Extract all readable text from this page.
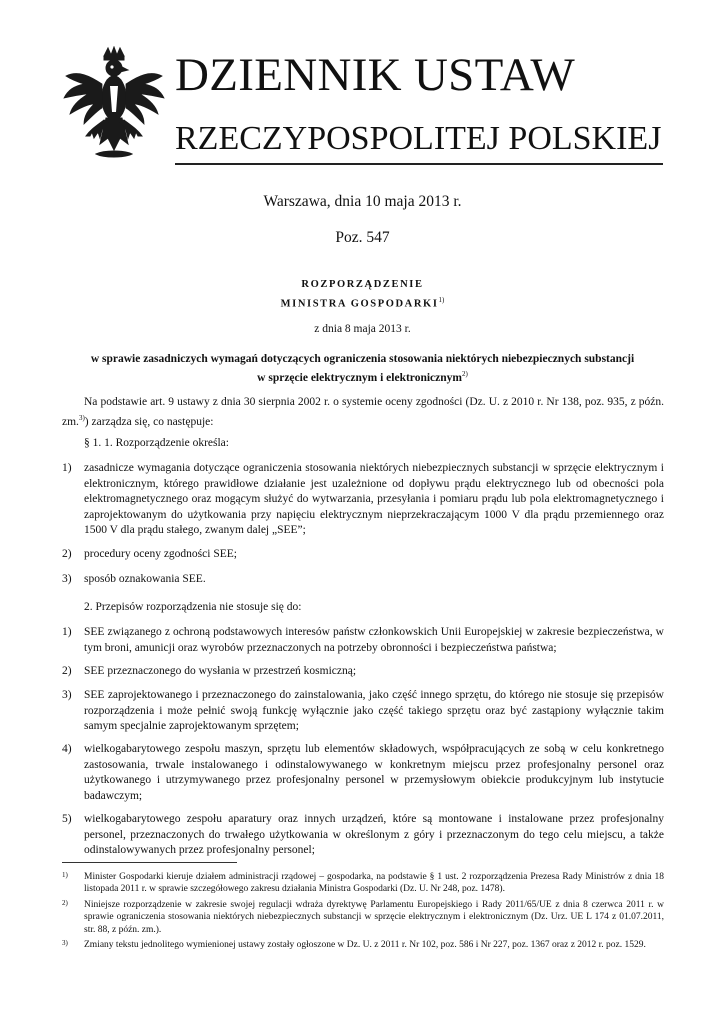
DZIENNIK USTAW
RZECZYPOSPOLITEJ POLSKIEJ
Warszawa, dnia 10 maja 2013 r.
Poz. 547
ROZPORZĄDZENIE
MINISTRA GOSPODARKI$^{1)}$
z dnia 8 maja 2013 r.
w sprawie zasadniczych wymagań dotyczących ograniczenia stosowania niektórych niebezpiecznych substancji
w sprzęcie elektrycznym i elektronicznym$^{2)}$
Na podstawie art. 9 ustawy z dnia 30 sierpnia 2002 r. o systemie oceny zgodności (Dz. U. z 2010 r. Nr 138, poz. 935, z późn. zm.$^{3)}$) zarządza się, co następuje:
§ 1. 1. Rozporządzenie określa:
1)	zasadnicze wymagania dotyczące ograniczenia stosowania niektórych niebezpiecznych substancji w sprzęcie elektrycznym i elektronicznym, którego prawidłowe działanie jest uzależnione od dopływu prądu elektrycznego lub od obecności pola elektromagnetycznego oraz mogącym służyć do wytwarzania, przesyłania i pomiaru prądu lub pola elektromagnetycznego i zaprojektowanym do użytkowania przy napięciu elektrycznym nieprzekraczającym 1000 V dla prądu przemiennego oraz 1500 V dla prądu stałego, zwanym dalej „SEE”;
2)	procedury oceny zgodności SEE;
3)	sposób oznakowania SEE.
2. Przepisów rozporządzenia nie stosuje się do:
1)	SEE związanego z ochroną podstawowych interesów państw członkowskich Unii Europejskiej w zakresie bezpieczeństwa, w tym broni, amunicji oraz wyrobów przeznaczonych na potrzeby obronności i bezpieczeństwa państwa;
2)	SEE przeznaczonego do wysłania w przestrzeń kosmiczną;
3)	SEE zaprojektowanego i przeznaczonego do zainstalowania, jako część innego sprzętu, do którego nie stosuje się przepisów rozporządzenia i może pełnić swoją funkcję wyłącznie jako część takiego sprzętu oraz być zastąpiony wyłącznie takim samym specjalnie zaprojektowanym sprzętem;
4)	wielkogabarytowego zespołu maszyn, sprzętu lub elementów składowych, współpracujących ze sobą w celu konkretnego zastosowania, trwale instalowanego i odinstalowywanego w konkretnym miejscu przez profesjonalny personel oraz użytkowanego i utrzymywanego przez profesjonalny personel w przemysłowym obiekcie produkcyjnym lub instytucie badawczym;
5)	wielkogabarytowego zespołu aparatury oraz innych urządzeń, które są montowane i instalowane przez profesjonalny personel, przeznaczonych do trwałego użytkowania w określonym z góry i przeznaczonym do tego celu miejscu, a także odinstalowywanych przez profesjonalny personel;
1) Minister Gospodarki kieruje działem administracji rządowej – gospodarka, na podstawie § 1 ust. 2 rozporządzenia Prezesa Rady Ministrów z dnia 18 listopada 2011 r. w sprawie szczegółowego zakresu działania Ministra Gospodarki (Dz. U. Nr 248, poz. 1478).
2) Niniejsze rozporządzenie w zakresie swojej regulacji wdraża dyrektywę Parlamentu Europejskiego i Rady 2011/65/UE z dnia 8 czerwca 2011 r. w sprawie ograniczenia stosowania niektórych niebezpiecznych substancji w sprzęcie elektrycznym i elektronicznym (Dz. Urz. UE L 174 z 01.07.2011, str. 88, z późn. zm.).
3) Zmiany tekstu jednolitego wymienionej ustawy zostały ogłoszone w Dz. U. z 2011 r. Nr 102, poz. 586 i Nr 227, poz. 1367 oraz z 2012 r. poz. 1529.
